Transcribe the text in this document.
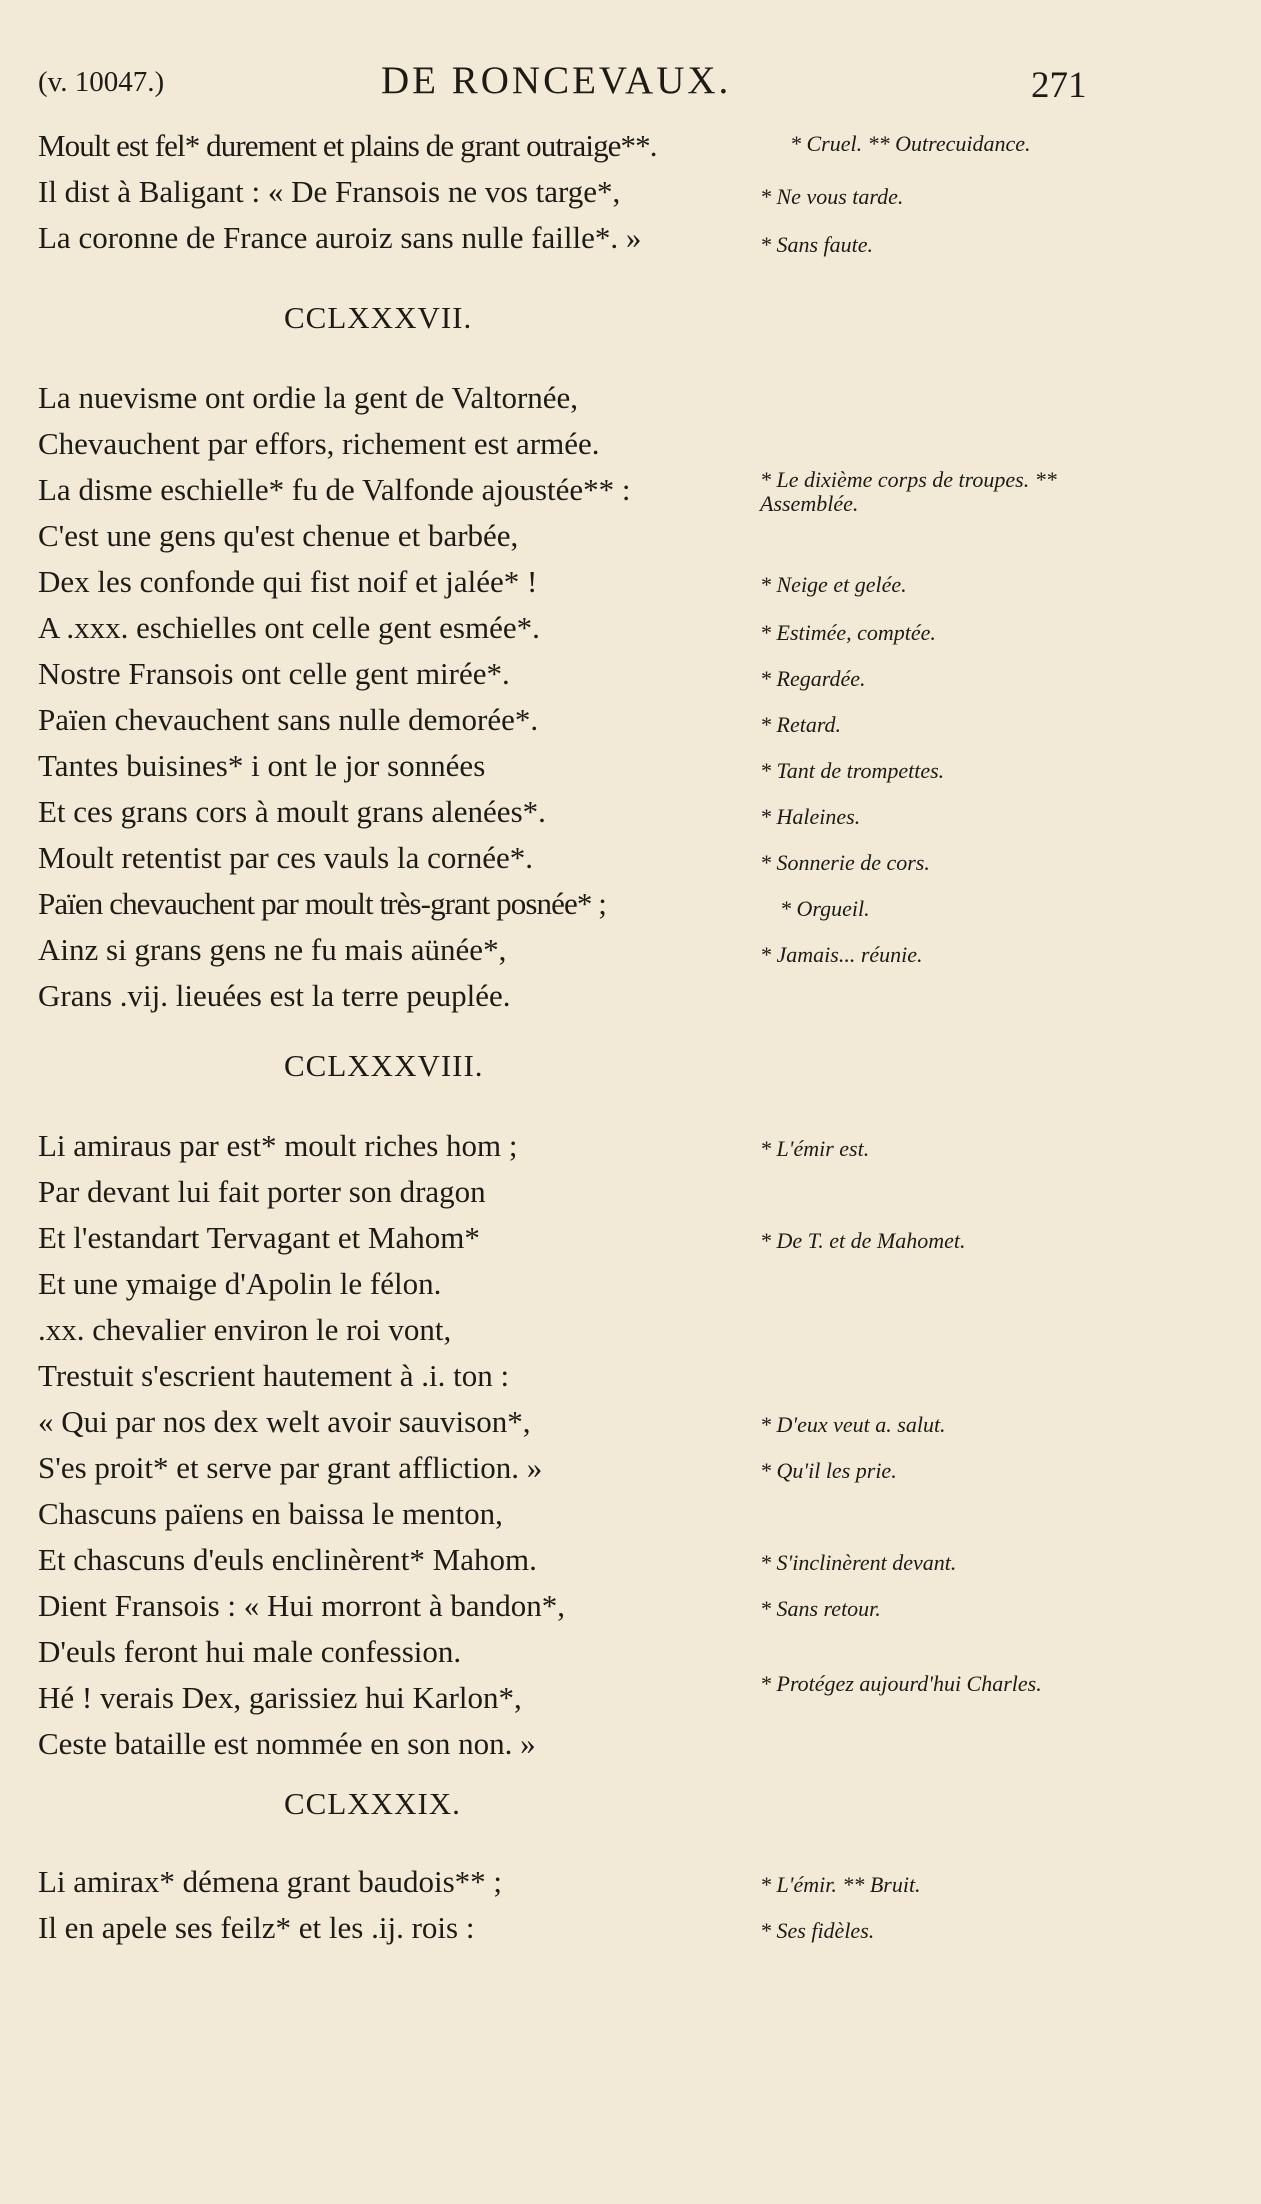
(v. 10047.)	DE RONCEVAUX.	271
Moult est fel* durement et plains de grant outraige**.
Il dist à Baligant : « De Fransois ne vos targe*,
La coronne de France auroiz sans nulle faille*. »
CCLXXXVII.
La nuevisme ont ordie la gent de Valtornée,
Chevauchent par effors, richement est armée.
La disme eschielle* fu de Valfonde ajoustée** :
C'est une gens qu'est chenue et barbée,
Dex les confonde qui fist noif et jalée* !
A .xxx. eschielles ont celle gent esmée*.
Nostre Fransois ont celle gent mirée*.
Païen chevauchent sans nulle demorée*.
Tantes buisines* i ont le jor sonnées
Et ces grans cors à moult grans alenées*.
Moult retentist par ces vauls la cornée*.
Païen chevauchent par moult très-grant posnée* ;
Ainz si grans gens ne fu mais aünée*,
Grans .vij. lieuées est la terre peuplée.
CCLXXXVIII.
Li amiraus par est* moult riches hom ;
Par devant lui fait porter son dragon
Et l'estandart Tervagant et Mahom*
Et une ymaige d'Apolin le félon.
.xx. chevalier environ le roi vont,
Trestuit s'escrient hautement à .i. ton :
« Qui par nos dex welt avoir sauvison*,
S'es proit* et serve par grant affliction. »
Chascuns païens en baissa le menton,
Et chascuns d'euls enclinèrent* Mahom.
Dient Fransois : « Hui morront à bandon*,
D'euls feront hui male confession.
Hé ! verais Dex, garissiez hui Karlon*,
Ceste bataille est nommée en son non. »
CCLXXXIX.
Li amirax* démena grant baudois** ;
Il en apele ses feilz* et les .ij. rois :
* Cruel. ** Outrecuidance.
* Ne vous tarde.
* Sans faute.
* Le dixième corps de troupes. ** Assemblée.
* Neige et gelée.
* Estimée, comptée.
* Regardée.
* Retard.
* Tant de trompettes.
* Haleines.
* Sonnerie de cors.
* Orgueil.
* Jamais... réunie.
* L'émir est.
* De T. et de Mahomet.
* D'eux veut a. salut.
* Qu'il les prie.
* S'inclinèrent devant.
* Sans retour.
* Protégez aujourd'hui Charles.
* L'émir. ** Bruit.
* Ses fidèles.
